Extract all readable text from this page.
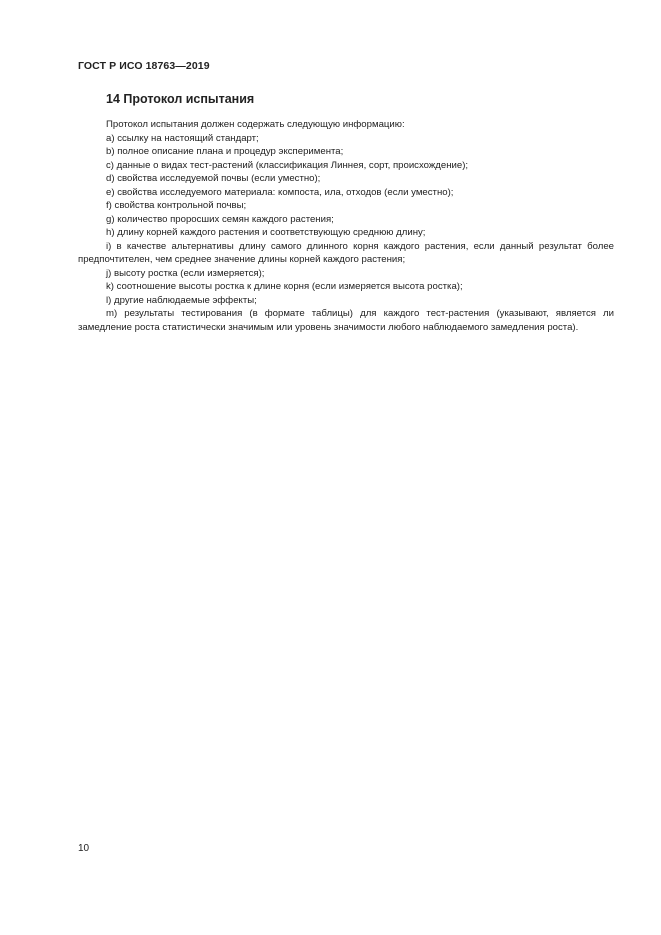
ГОСТ Р ИСО 18763—2019
14 Протокол испытания

Протокол испытания должен содержать следующую информацию:

a) ссылку на настоящий стандарт;

b) полное описание плана и процедур эксперимента;

c) данные о видах тест-растений (классификация Линнея, сорт, происхождение);

d) свойства исследуемой почвы (если уместно);

e) свойства исследуемого материала: компоста, ила, отходов (если уместно);

f) свойства контрольной почвы;

g) количество проросших семян каждого растения;

h) длину корней каждого растения и соответствующую среднюю длину;

i) в качестве альтернативы длину самого длинного корня каждого растения, если данный результат более предпочтителен, чем среднее значение длины корней каждого растения;

j) высоту ростка (если измеряется);

k) соотношение высоты ростка к длине корня (если измеряется высота ростка);

l) другие наблюдаемые эффекты;

m) результаты тестирования (в формате таблицы) для каждого тест-растения (указывают, является ли замедление роста статистически значимым или уровень значимости любого наблюдаемого замедления роста).

10
